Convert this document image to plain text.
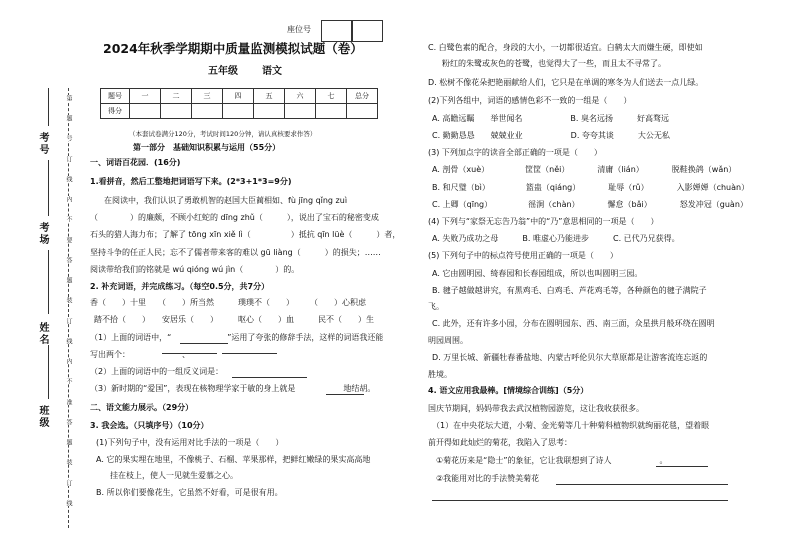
第
题
号
订
线
内
不
要
答
题
装
订
线
内
不
准
答
题
装
订
线
考号
考场
姓名
班级
座位号
2024年秋季学期期中质量监测模拟试题（卷）
五年级 语文
题号	一	二	三	四	五	六	七	总分
得分								
（本套试卷满分120分，考试时间120分钟，请认真核要求作答）
第一部分　基础知识积累与运用（55分）
一、词语百花园．(16分)
1.看拼音，然后工整地把词语写下来。(2*3+1*3=9分)
在阅读中，我们认识了勇敢机智的赵国大臣蔺相如、fù jīng qǐng zuì
（　　　　）的廉颇，不顾小红蛇的 dīng zhǔ（　　　），说出了宝石的秘密变成
石头的猎人海力布；了解了 tōng xīn xiě lì（　　　　　）抵抗 qīn lüè（　　　）者，
坚持斗争的任正人民；忘不了儒者带来客的难以 gū liàng（　　　）的损失；……
阅读带给我们的铭就是 wú qióng wú jìn（　　　　）的。
2. 补充词语，并完成练习。（每空0.5分，共7分）
香（　　）十里　　（　　）所当然　　　璞璞不（　　）　　　（　　）心积虑
踏不拾（　　）　　安居乐（　　）　　　呕心（　　）血　　　民不（　　）生
（1）上面的词语中，“　　　　　　　”运用了夸张的修辞手法，这样的词语我还能
写出两个：　　　　　　　、　　　　　　　
（2）上面的词语中的一组反义词是：　　　　　　　　　　
（3）新时期的“爱国”，表现在核物理学家于敏的身上就是　　　　　　地结胡。
二、语文能力展示。（29分）
3. 我会选。（只填序号）（10分）
(1)下列句子中，没有运用对比手法的一项是（　　）
A. 它的果实埋在地里，不像桃子、石榴、苹果那样，把鲜红嫩绿的果实高高地
挂在枝上，使人一见就生爱慕之心。
B. 所以你们要像花生，它虽然不好看，可是很有用。
C. 白鹭色素的配合，身段的大小，一切都很适宜。白鹤太大而嫌生硬，即使如
粉红的朱鹭或灰色的苍鹭，也觉得大了一些，而且太不寻常了。
D. 松树不像花朵把艳丽献给人们，它只是在单调的寒冬为人们送去一点儿绿。
(2)下列各组中，词语的感情色彩不一致的一组是（　　）
A. 高瞻远瞩　　举世闻名　　　　　　B. 臭名远扬　　　好高骛远
C. 勤勤恳恳　　兢兢业业　　　　　　D. 夸夸其谈　　　大公无私
(3) 下列加点字的读音全部正确的一项是（　　）
A. 剖骨（xuè）　　　　　筐筐（něi）　　　　清庸（lián）　　　　脱鞋换鸽（wǎn）
B. 和尺璧（bì）　　　　　篮蛊（qiáng）　　　　耻辱（rǔ）　　　　入影婵婵（chuàn）
C. 上卿（qīng）　　　　　徭涧（chàn）　　　　懈怠（bǎi）　　　　怒发冲冠（guàn）
(4) 下列与“家祭无忘告乃翁”中的“乃”意思相同的一项是（　　）
A. 失败乃成功之母　　　B. 唯虚心乃能进步　　　C. 已代乃兄获得。
(5) 下列句子中的标点符号使用正确的一项是（　　）
A. 它由圆明园、绮春园和长春园组成，所以也叫圆明三园。
B. 毽子越做越讲究，有黑鸡毛、白鸡毛、芦花鸡毛等，各种颜色的毽子满院子
飞。
C. 此外，还有许多小园，分布在圆明园东、西、南三面，众星拱月般环绕在圆明
明园周围。
D. 万里长城、新疆牡春番盐地、内蒙古呼伦贝尔大草原都是让游客流连忘返的
胜境。
4. 语文应用我最棒。[情境综合训练]（5分）
国庆节期间，妈妈带我去武汉植物园游览，这让我收获很多。
（1）在中央花坛大道，小菊、金光菊等几十种菊科植物织就绚丽花毯，望着眼
前开得如此灿烂的菊花，我陷入了思考：
①菊花历来是“隐士”的象征，它让我联想到了诗人　　　　　　。
②我能用对比的手法赞美菊花
